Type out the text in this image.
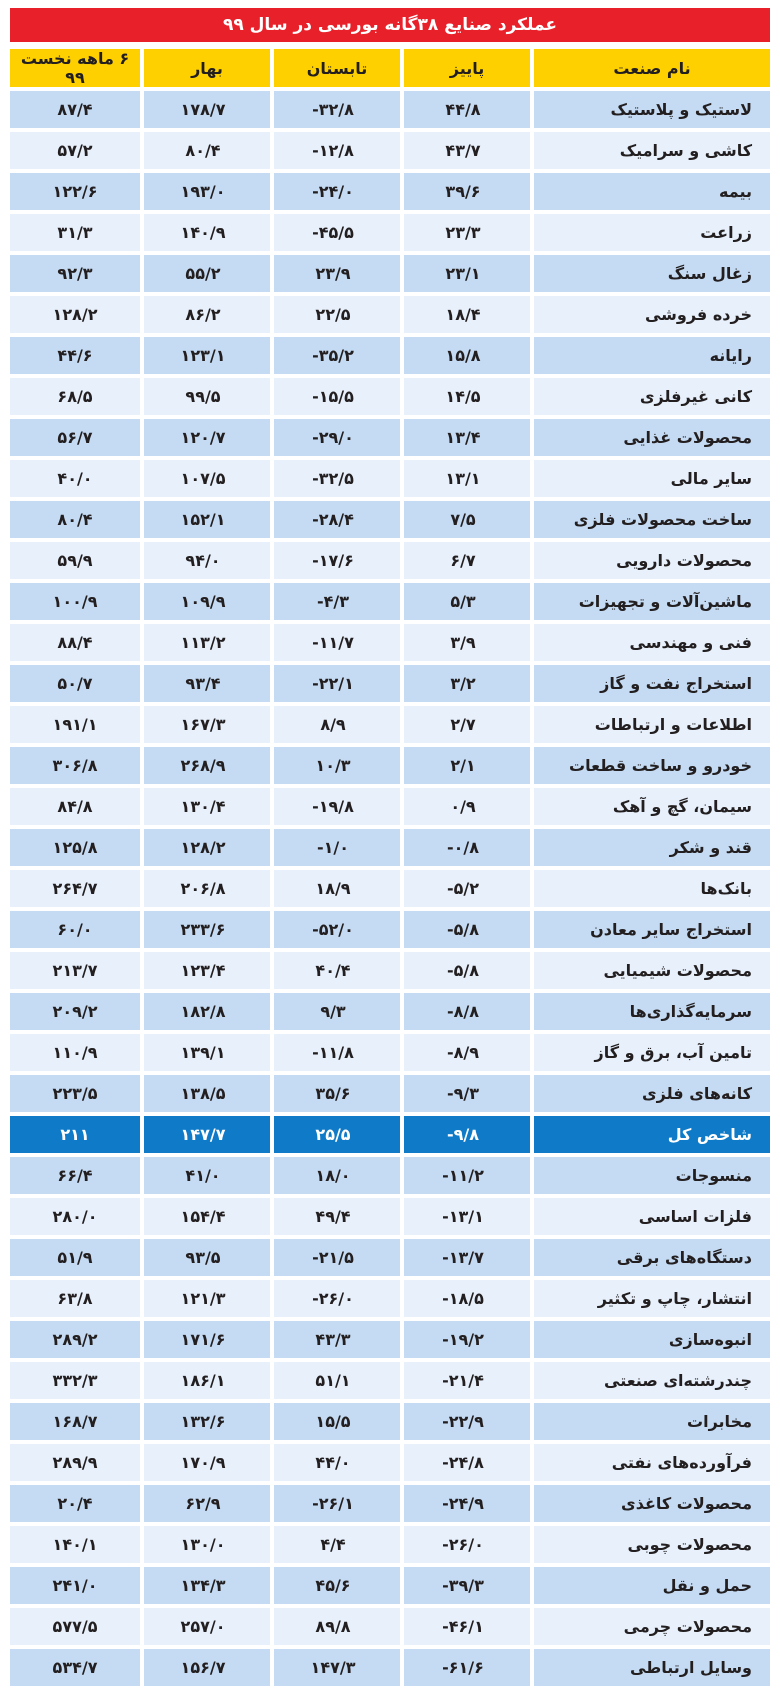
عملکرد صنایع ۳۸گانه بورسی در سال ۹۹
نام صنعت	پاییز	تابستان	بهار	۶ ماهه نخست ۹۹
لاستیک و پلاستیک	۴۴/۸	-۳۲/۸	۱۷۸/۷	۸۷/۴
کاشی و سرامیک	۴۳/۷	-۱۲/۸	۸۰/۴	۵۷/۲
بیمه	۳۹/۶	-۲۴/۰	۱۹۳/۰	۱۲۲/۶
زراعت	۲۳/۳	-۴۵/۵	۱۴۰/۹	۳۱/۳
زغال سنگ	۲۳/۱	۲۳/۹	۵۵/۲	۹۲/۳
خرده فروشی	۱۸/۴	۲۲/۵	۸۶/۲	۱۲۸/۲
رایانه	۱۵/۸	-۳۵/۲	۱۲۳/۱	۴۴/۶
کانی غیرفلزی	۱۴/۵	-۱۵/۵	۹۹/۵	۶۸/۵
محصولات غذایی	۱۳/۴	-۲۹/۰	۱۲۰/۷	۵۶/۷
سایر مالی	۱۳/۱	-۳۲/۵	۱۰۷/۵	۴۰/۰
ساخت محصولات فلزی	۷/۵	-۲۸/۴	۱۵۲/۱	۸۰/۴
محصولات دارویی	۶/۷	-۱۷/۶	۹۴/۰	۵۹/۹
ماشین‌آلات و تجهیزات	۵/۳	-۴/۳	۱۰۹/۹	۱۰۰/۹
فنی و مهندسی	۳/۹	-۱۱/۷	۱۱۳/۲	۸۸/۴
استخراج نفت و گاز	۳/۲	-۲۲/۱	۹۳/۴	۵۰/۷
اطلاعات و ارتباطات	۲/۷	۸/۹	۱۶۷/۳	۱۹۱/۱
خودرو و ساخت قطعات	۲/۱	۱۰/۳	۲۶۸/۹	۳۰۶/۸
سیمان، گچ و آهک	۰/۹	-۱۹/۸	۱۳۰/۴	۸۴/۸
قند و شکر	-۰/۸	-۱/۰	۱۲۸/۲	۱۲۵/۸
بانک‌ها	-۵/۲	۱۸/۹	۲۰۶/۸	۲۶۴/۷
استخراج سایر معادن	-۵/۸	-۵۲/۰	۲۳۳/۶	۶۰/۰
محصولات شیمیایی	-۵/۸	۴۰/۴	۱۲۳/۴	۲۱۳/۷
سرمایه‌گذاری‌ها	-۸/۸	۹/۳	۱۸۲/۸	۲۰۹/۲
تامین آب، برق و گاز	-۸/۹	-۱۱/۸	۱۳۹/۱	۱۱۰/۹
کانه‌های فلزی	-۹/۳	۳۵/۶	۱۳۸/۵	۲۲۳/۵
شاخص کل	-۹/۸	۲۵/۵	۱۴۷/۷	۲۱۱
منسوجات	-۱۱/۲	۱۸/۰	۴۱/۰	۶۶/۴
فلزات اساسی	-۱۳/۱	۴۹/۴	۱۵۴/۴	۲۸۰/۰
دستگاه‌های برقی	-۱۳/۷	-۲۱/۵	۹۳/۵	۵۱/۹
انتشار، چاپ و تکثیر	-۱۸/۵	-۲۶/۰	۱۲۱/۳	۶۳/۸
انبوه‌سازی	-۱۹/۲	۴۳/۳	۱۷۱/۶	۲۸۹/۲
چندرشته‌ای صنعتی	-۲۱/۴	۵۱/۱	۱۸۶/۱	۳۳۲/۳
مخابرات	-۲۲/۹	۱۵/۵	۱۳۲/۶	۱۶۸/۷
فرآورده‌های نفتی	-۲۴/۸	۴۴/۰	۱۷۰/۹	۲۸۹/۹
محصولات کاغذی	-۲۴/۹	-۲۶/۱	۶۲/۹	۲۰/۴
محصولات چوبی	-۲۶/۰	۴/۴	۱۳۰/۰	۱۴۰/۱
حمل و نقل	-۳۹/۳	۴۵/۶	۱۳۴/۳	۲۴۱/۰
محصولات چرمی	-۴۶/۱	۸۹/۸	۲۵۷/۰	۵۷۷/۵
وسایل ارتباطی	-۶۱/۶	۱۴۷/۳	۱۵۶/۷	۵۳۴/۷
